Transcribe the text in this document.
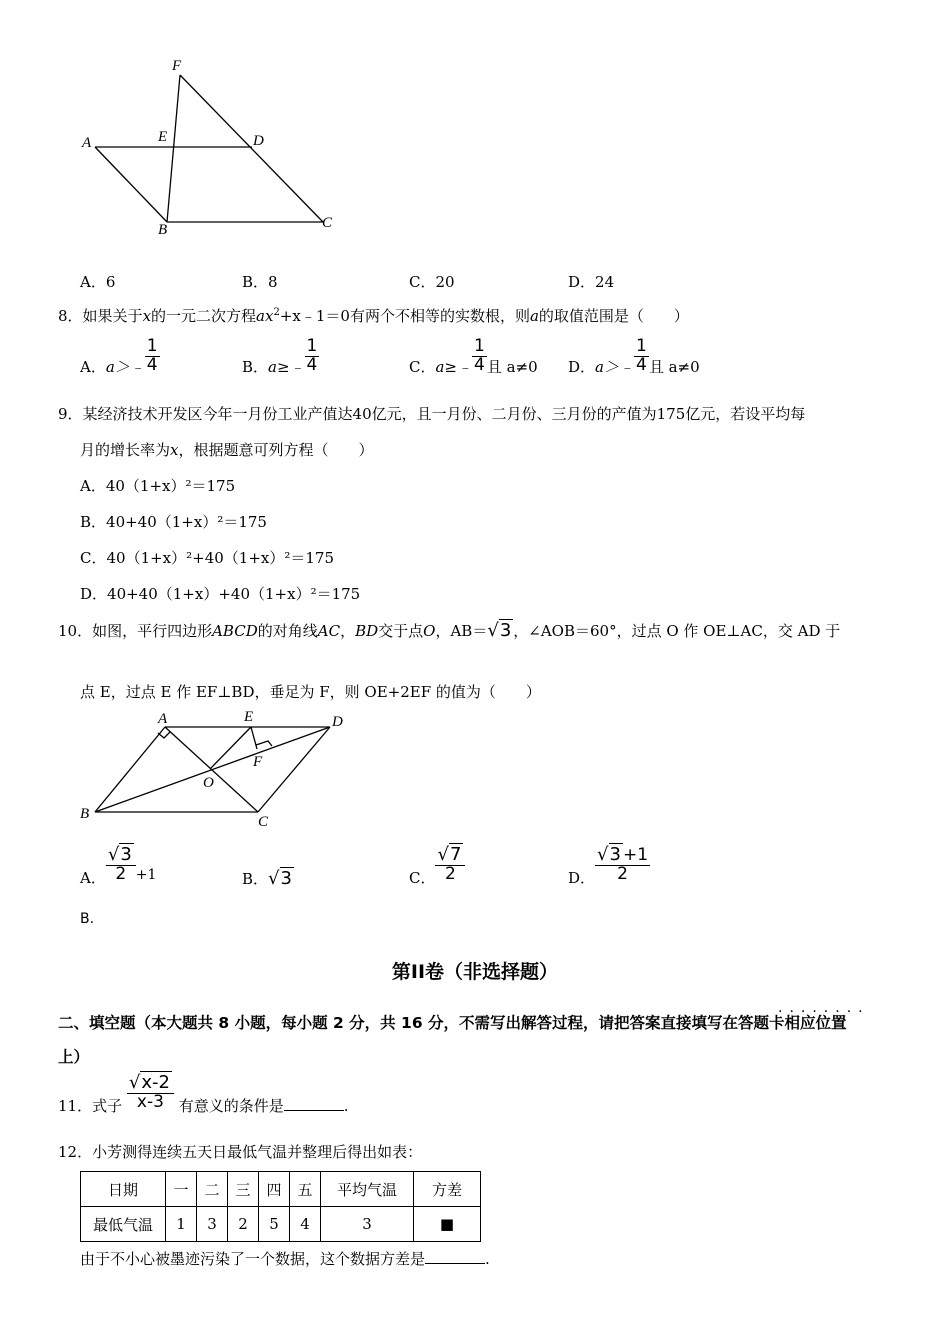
F
A	E	D
B	C
A．6	B．8	C．20	D．24
8．如果关于x的一元二次方程$ax^2+x﹣1=0$有两个不相等的实数根，则a的取值范围是（　　）
A．a＞﹣ $\frac{1}{4}$	B．a≥﹣ $\frac{1}{4}$	C．a≥﹣ $\frac{1}{4}$ 且 a≠0 D．a＞﹣ $\frac{1}{4}$ 且 a≠0
9．某经济技术开发区今年一月份工业产值达40亿元，且一月份、二月份、三月份的产值为175亿元，若设平均每
月的增长率为x，根据题意可列方程（　　）
A．40（1+x）²＝175
B．40+40（1+x）²＝175
C．40（1+x）²+40（1+x）²＝175
D．40+40（1+x）+40（1+x）²＝175
10．如图，平行四边形ABCD的对角线AC，BD交于点O，AB＝√3 ，∠AOB＝60°，过点 O 作 OE⊥AC，交 AD 于
点 E，过点 E 作 EF⊥BD，垂足为 F，则 OE+2EF 的值为（　　）
A	E	D
F
O
B	C
A． $\frac{√3}{2} +1$	B．√3	C． $\frac{√7}{2}$	D． $\frac{√3 +1}{2}$
B.
第II卷（非选择题）
........
二、填空题（本大题共 8 小题，每小题 2 分，共 16 分，不需写出解答过程，请把答案直接填写在答题卡相应位置
上）
11．式子 $\frac{√x-2}{x-3}$ 有意义的条件是	.
12．小芳测得连续五天日最低气温并整理后得出如表：
日期	一	二	三	四	五	平均气温	方差
最低气温	1	3	2	5	4	3	■
由于不小心被墨迹污染了一个数据，这个数据方差是	.
